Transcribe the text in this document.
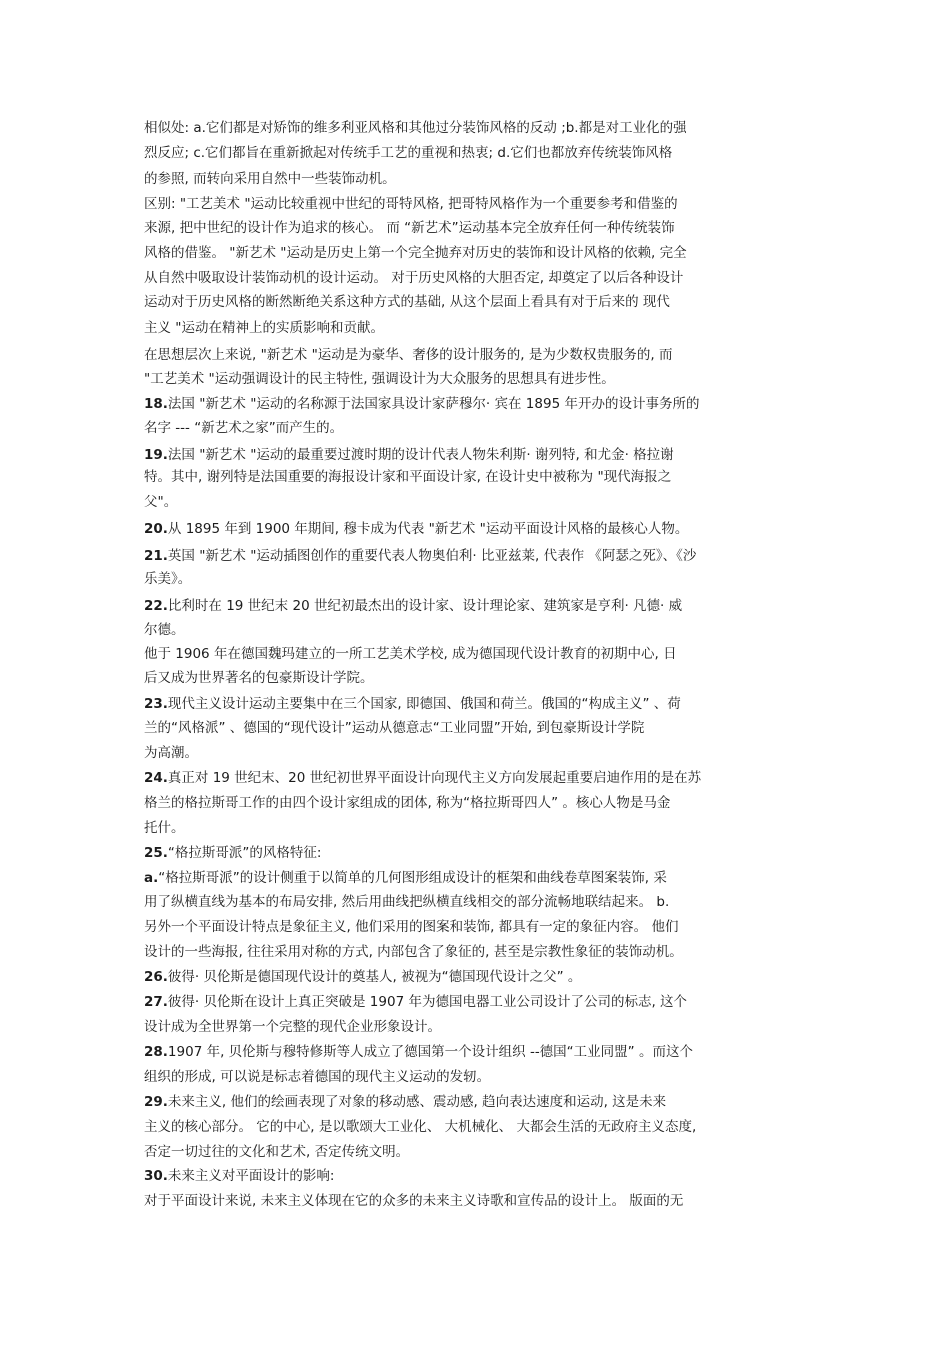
相似处: a.它们都是对矫饰的维多利亚风格和其他过分装饰风格的反动 ;b.都是对工业化的强
烈反应; c.它们都旨在重新掀起对传统手工艺的重视和热衷; d.它们也都放弃传统装饰风格
的参照, 而转向采用自然中一些装饰动机。
区别: "工艺美术 "运动比较重视中世纪的哥特风格, 把哥特风格作为一个重要参考和借鉴的
来源, 把中世纪的设计作为追求的核心。 而 “新艺术”运动基本完全放弃任何一种传统装饰
风格的借鉴。 "新艺术 "运动是历史上第一个完全抛弃对历史的装饰和设计风格的依赖, 完全
从自然中吸取设计装饰动机的设计运动。 对于历史风格的大胆否定, 却奠定了以后各种设计
运动对于历史风格的断然断绝关系这种方式的基础, 从这个层面上看具有对于后来的 现代
主义 "运动在精神上的实质影响和贡献。
在思想层次上来说, "新艺术 "运动是为豪华、奢侈的设计服务的, 是为少数权贵服务的, 而
"工艺美术 "运动强调设计的民主特性, 强调设计为大众服务的思想具有进步性。
18.法国 "新艺术 "运动的名称源于法国家具设计家萨穆尔· 宾在 1895 年开办的设计事务所的
名字 --- “新艺术之家”而产生的。
19.法国 "新艺术 "运动的最重要过渡时期的设计代表人物朱利斯· 谢列特, 和尤金· 格拉谢
特。其中, 谢列特是法国重要的海报设计家和平面设计家, 在设计史中被称为 "现代海报之
父"。
20.从 1895 年到 1900 年期间, 穆卡成为代表 "新艺术 "运动平面设计风格的最核心人物。
21.英国 "新艺术 "运动插图创作的重要代表人物奥伯利· 比亚兹莱, 代表作 《阿瑟之死》、《沙
乐美》。
22.比利时在 19 世纪末 20 世纪初最杰出的设计家、设计理论家、建筑家是亨利· 凡德· 威
尔德。
他于 1906 年在德国魏玛建立的一所工艺美术学校, 成为德国现代设计教育的初期中心, 日
后又成为世界著名的包豪斯设计学院。
23.现代主义设计运动主要集中在三个国家, 即德国、俄国和荷兰。俄国的“构成主义” 、荷
兰的“风格派” 、德国的“现代设计”运动从德意志“工业同盟”开始, 到包豪斯设计学院
为高潮。
24.真正对 19 世纪末、20 世纪初世界平面设计向现代主义方向发展起重要启迪作用的是在苏
格兰的格拉斯哥工作的由四个设计家组成的团体, 称为“格拉斯哥四人” 。核心人物是马金
托什。
25.“格拉斯哥派”的风格特征:
a.“格拉斯哥派”的设计侧重于以简单的几何图形组成设计的框架和曲线卷草图案装饰, 采
用了纵横直线为基本的布局安排, 然后用曲线把纵横直线相交的部分流畅地联结起来。 b.
另外一个平面设计特点是象征主义, 他们采用的图案和装饰, 都具有一定的象征内容。 他们
设计的一些海报, 往往采用对称的方式, 内部包含了象征的, 甚至是宗教性象征的装饰动机。
26.彼得· 贝伦斯是德国现代设计的奠基人, 被视为“德国现代设计之父” 。
27.彼得· 贝伦斯在设计上真正突破是 1907 年为德国电器工业公司设计了公司的标志, 这个
设计成为全世界第一个完整的现代企业形象设计。
28.1907 年, 贝伦斯与穆特修斯等人成立了德国第一个设计组织 --德国“工业同盟” 。而这个
组织的形成, 可以说是标志着德国的现代主义运动的发轫。
29.未来主义, 他们的绘画表现了对象的移动感、震动感, 趋向表达速度和运动, 这是未来
主义的核心部分。 它的中心, 是以歌颂大工业化、 大机械化、 大都会生活的无政府主义态度,
否定一切过往的文化和艺术, 否定传统文明。
30.未来主义对平面设计的影响:
对于平面设计来说, 未来主义体现在它的众多的未来主义诗歌和宣传品的设计上。 版面的无
